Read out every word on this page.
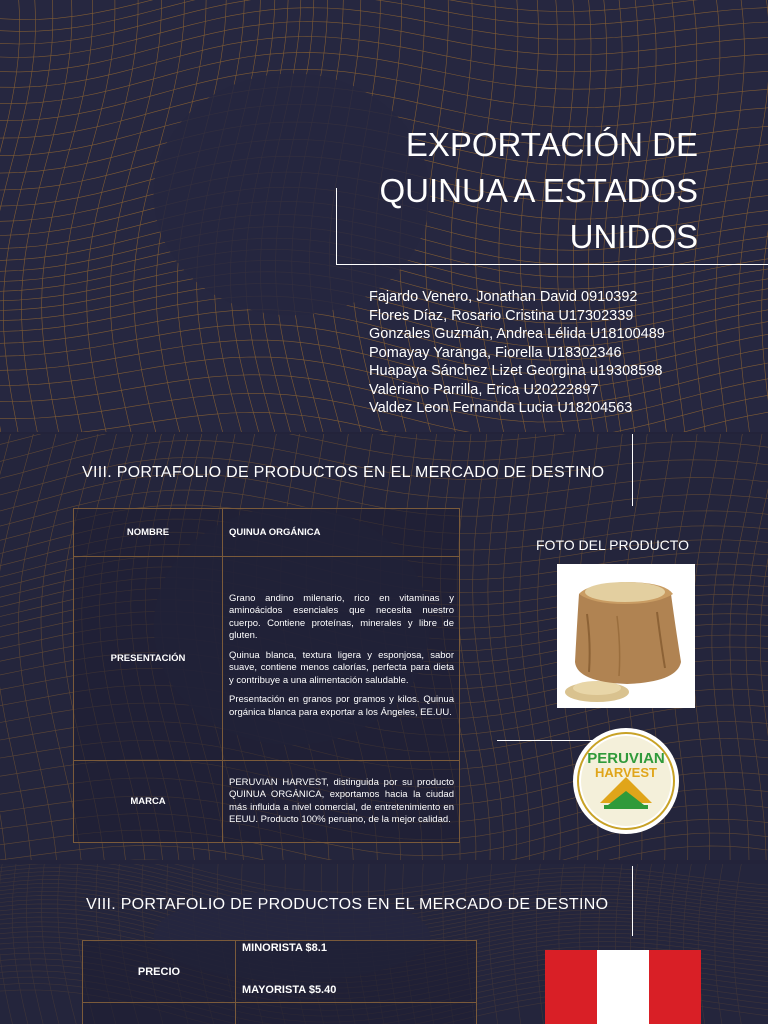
EXPORTACIÓN DE
QUINUA A ESTADOS
UNIDOS
Fajardo Venero, Jonathan David 0910392
Flores Díaz, Rosario Cristina U17302339
Gonzales Guzmán, Andrea Lélida U18100489
Pomayay Yaranga, Fiorella U18302346
Huapaya Sánchez Lizet Georgina u19308598
Valeriano Parrilla, Erica U20222897
Valdez Leon Fernanda Lucia U18204563
VIII. PORTAFOLIO DE PRODUCTOS EN EL MERCADO DE DESTINO
NOMBRE	QUINUA ORGÁNICA
PRESENTACIÓN	Grano andino milenario, rico en vitaminas y aminoácidos esenciales que necesita nuestro cuerpo. Contiene proteínas, minerales y libre de gluten.

Quinua blanca, textura ligera y esponjosa, sabor suave, contiene menos calorías, perfecta para dieta y contribuye a una alimentación saludable.

Presentación en granos por gramos y kilos. Quinua orgánica blanca para exportar a los Ángeles, EE.UU.

MARCA	PERUVIAN HARVEST, distinguida por su producto QUINUA ORGÁNICA, exportamos hacia la ciudad más influida a nivel comercial, de entretenimiento en EEUU. Producto 100% peruano, de la mejor calidad.

FOTO DEL PRODUCTO
PERUVIAN
HARVEST
VIII. PORTAFOLIO DE PRODUCTOS EN EL MERCADO DE DESTINO
PRECIO	MINORISTA $8.1
MAYORISTA $5.40
